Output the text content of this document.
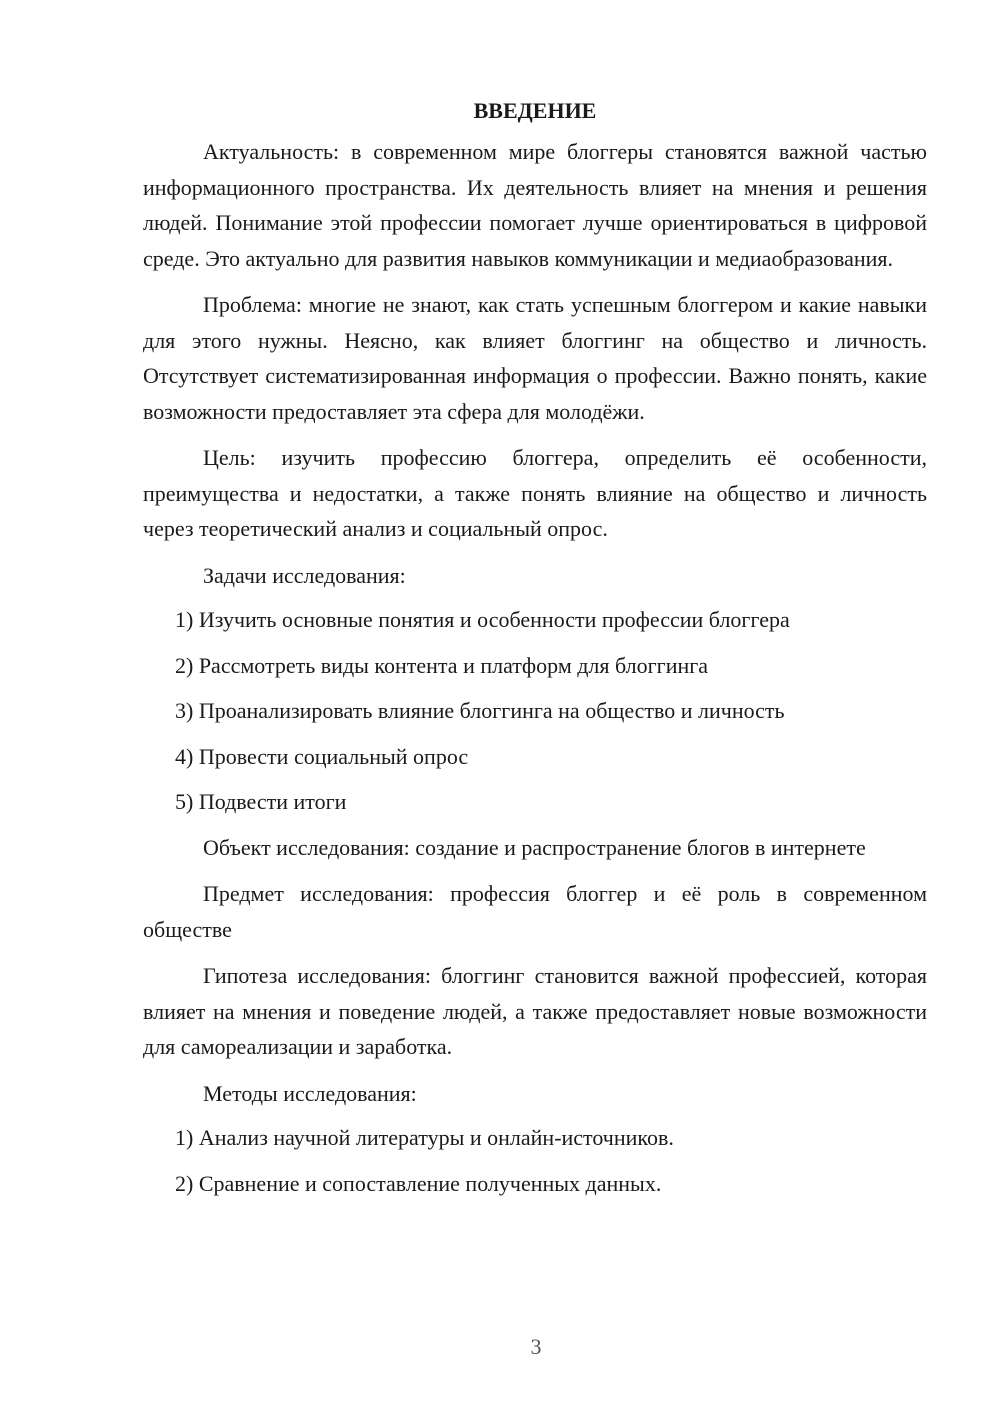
ВВЕДЕНИЕ

Актуальность: в современном мире блоггеры становятся важной частью информационного пространства. Их деятельность влияет на мнения и решения людей. Понимание этой профессии помогает лучше ориентироваться в цифровой среде. Это актуально для развития навыков коммуникации и медиаобразования.

Проблема: многие не знают, как стать успешным блоггером и какие навыки для этого нужны. Неясно, как влияет блоггинг на общество и личность. Отсутствует систематизированная информация о профессии. Важно понять, какие возможности предоставляет эта сфера для молодёжи.

Цель: изучить профессию блоггера, определить её особенности, преимущества и недостатки, а также понять влияние на общество и личность через теоретический анализ и социальный опрос.

Задачи исследования:

1) Изучить основные понятия и особенности профессии блоггера
2) Рассмотреть виды контента и платформ для блоггинга
3) Проанализировать влияние блоггинга на общество и личность
4) Провести социальный опрос
5) Подвести итоги

Объект исследования: создание и распространение блогов в интернете

Предмет исследования: профессия блоггер и её роль в современном обществе

Гипотеза исследования: блоггинг становится важной профессией, которая влияет на мнения и поведение людей, а также предоставляет новые возможности для самореализации и заработка.

Методы исследования:

1) Анализ научной литературы и онлайн-источников.
2) Сравнение и сопоставление полученных данных.
3
